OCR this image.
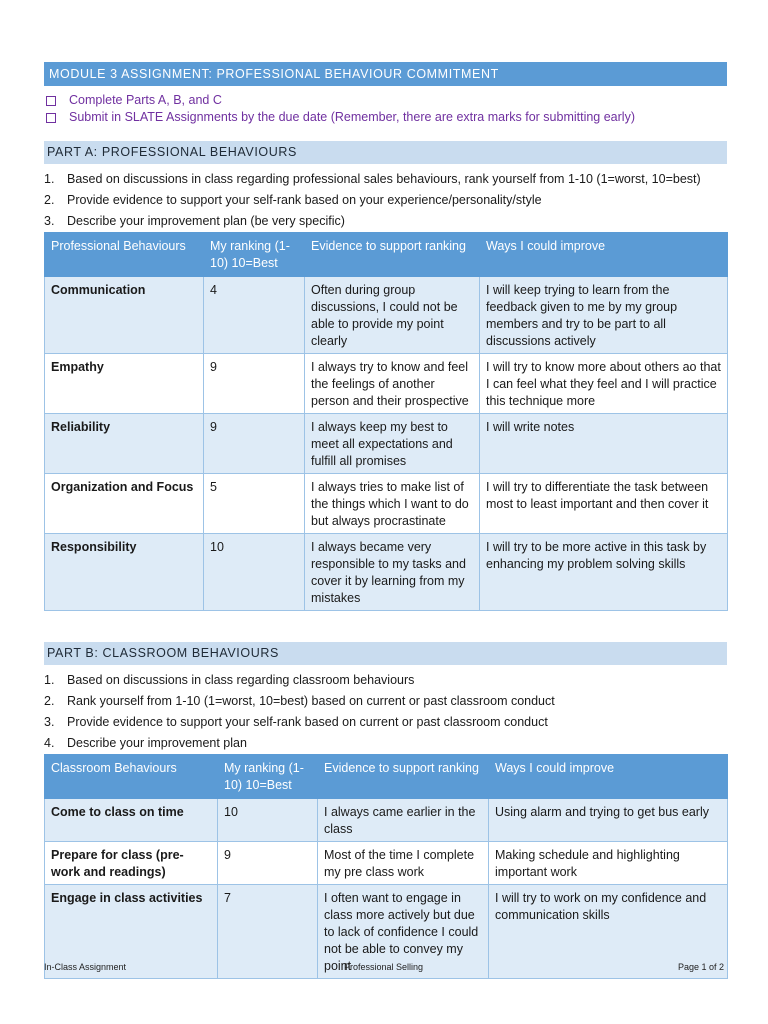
MODULE 3 ASSIGNMENT: PROFESSIONAL BEHAVIOUR COMMITMENT
Complete Parts A, B, and C
Submit in SLATE Assignments by the due date (Remember, there are extra marks for submitting early)
PART A: PROFESSIONAL BEHAVIOURS
1.	Based on discussions in class regarding professional sales behaviours, rank yourself from 1-10 (1=worst, 10=best)
2.	Provide evidence to support your self-rank based on your experience/personality/style
3.	Describe your improvement plan (be very specific)
Professional Behaviours	My ranking (1-10) 10=Best	Evidence to support ranking	Ways I could improve
Communication	4	Often during group discussions, I could not be able to provide my point clearly	I will keep trying to learn from the feedback given to me by my group members and try to be part to all discussions actively
Empathy	9	I always try to know and feel the feelings of another person and their prospective	I will try to know more about others ao that I can feel what they feel and I will practice this technique more
Reliability	9	I always keep my best to meet all expectations and fulfill all promises	I will write notes
Organization and Focus	5	I always tries to make list of the things which I want to do but always procrastinate	I will try to differentiate the task between most to least important and then cover it
Responsibility	10	I always became very responsible to my tasks and cover it by learning from my mistakes	I will try to be more active in this task by enhancing my problem solving skills
PART B: CLASSROOM BEHAVIOURS
1.	Based on discussions in class regarding classroom behaviours
2.	Rank yourself from 1-10 (1=worst, 10=best) based on current or past classroom conduct
3.	Provide evidence to support your self-rank based on current or past classroom conduct
4.	Describe your improvement plan
Classroom Behaviours	My ranking (1-10) 10=Best	Evidence to support ranking	Ways I could improve
Come to class on time	10	I always came earlier in the class	Using alarm and trying to get bus early
Prepare for class (pre-work and readings)	9	Most of the time I complete my pre class work	Making schedule and highlighting important work
Engage in class activities	7	I often want to engage in class more actively but due to lack of confidence I could not be able to convey my point	I will try to work on my confidence and communication skills
In-Class Assignment	Professional Selling	Page 1 of 2
